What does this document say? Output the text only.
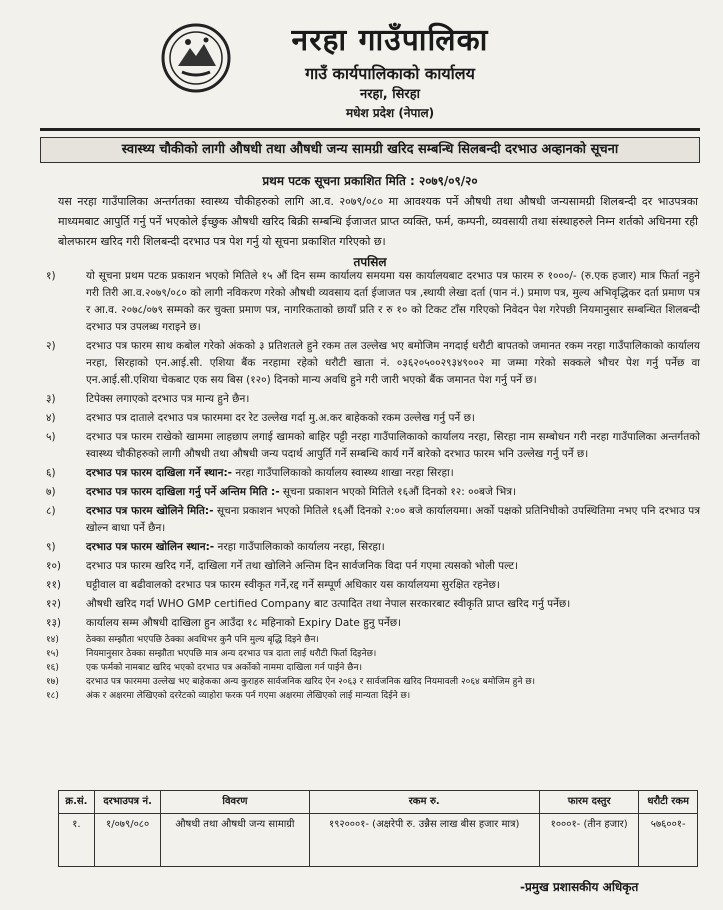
नरहा गाउँपालिका
गाउँ कार्यपालिकाको कार्यालय
नरहा, सिरहा
मधेश प्रदेश (नेपाल)
स्वास्थ्य चौकीको लागी औषधी तथा औषधी जन्य सामग्री खरिद सम्बन्धि सिलबन्दी दरभाउ अव्हानको सूचना
प्रथम पटक सूचना प्रकाशित मिति : २०७९/०९/२०
यस नरहा गाउँपालिका अन्तर्गतका स्वास्थ्य चौकीहरुको लागि आ.व. २०७९/०८० मा आवश्यक पर्ने औषधी तथा औषधी जन्यसामग्री शिलबन्दी दर भाउपत्रका माध्यमबाट आपुर्ति गर्नु पर्ने भएकोले ईच्छुक औषधी खरिद बिक्री सम्बन्धि ईजाजत प्राप्त व्यक्ति, फर्म, कम्पनी, व्यवसायी तथा संस्थाहरुले निम्न शर्तको अधिनमा रही बोलफारम खरिद गरी शिलबन्दी दरभाउ पत्र पेश गर्नु यो सूचना प्रकाशित गरिएको छ।
तपसिल
१)	यो सूचना प्रथम पटक प्रकाशन भएको मितिले १५ औं दिन सम्म कार्यालय समयमा यस कार्यालयबाट दरभाउ पत्र फारम रु १०००/- (रु.एक हजार) मात्र फिर्ता नहुने गरी तिरी आ.व.२०७९/०८० को लागी नविकरण गरेको औषधी व्यवसाय दर्ता ईजाजत पत्र ,स्थायी लेखा दर्ता (पान नं.) प्रमाण पत्र, मुल्य अभिवृद्धिकर दर्ता प्रमाण पत्र र आ.व. २०७८/०७९ सम्मको कर चुक्ता प्रमाण पत्र, नागरिकताको छायाँ प्रति र रु १० को टिकट टाँस गरिएको निवेदन पेश गरेपछी नियमानुसार सम्बन्धित शिलबन्दी दरभाउ पत्र उपलब्ध गराइने छ।
२)	दरभाउ पत्र फारम साथ कबोल गरेको अंकको ३ प्रतिशतले हुने रकम तल उल्लेख भए बमोजिम नगदाई धरौटी बापतको जमानत रकम नरहा गाउँपालिकाको कार्यालय नरहा, सिरहाको एन.आई.सी. एशिया बैंक नरहामा रहेको धरौटी खाता नं. ०३६२०५००२९३४९००२ मा जम्मा गरेको सक्कले भौचर पेश गर्नु पर्नेछ वा एन.आई.सी.एशिया चेकबाट एक सय बिस (१२०) दिनको मान्य अवधि हुने गरी जारी भएको बैंक जमानत पेश गर्नु पर्ने छ।
३)	टिपेक्स लगाएको दरभाउ पत्र मान्य हुने छैन।
४)	दरभाउ पत्र दाताले दरभाउ पत्र फारममा दर रेट उल्लेख गर्दा मु.अ.कर बाहेकको रकम उल्लेख गर्नु पर्ने छ।
५)	दरभाउ पत्र फारम राखेको खाममा लाहछाप लगाई खामको बाहिर पट्टी नरहा गाउँपालिकाको कार्यालय नरहा, सिरहा नाम सम्बोधन गरी नरहा गाउँपालिका अन्तर्गतको स्वास्थ्य चौकीहरुको लागी औषधी तथा औषधी जन्य पदार्थ आपुर्ति गर्ने सम्बन्धि कार्य गर्ने बारेको दरभाउ फारम भनि उल्लेख गर्नु पर्ने छ।
६)	दरभाउ पत्र फारम दाखिला गर्ने स्थान:- नरहा गाउँपालिकाको कार्यालय स्वास्थ्य शाखा नरहा सिरहा।
७)	दरभाउ पत्र फारम दाखिला गर्नु पर्ने अन्तिम मिति :- सूचना प्रकाशन भएको मितिले १६औं दिनको १२: ००बजे भित्र।
८)	दरभाउ पत्र फारम खोलिने मिति:- सूचना प्रकाशन भएको मितिले १६औं दिनको २:०० बजे कार्यालयमा। अर्को पक्षको प्रतिनिधीको उपस्थितिमा नभए पनि दरभाउ पत्र खोल्न बाधा पर्ने छैन।
९)	दरभाउ पत्र फारम खोलिन स्थान:- नरहा गाउँपालिकाको कार्यालय नरहा, सिरहा।
१०)	दरभाउ पत्र फारम खरिद गर्ने, दाखिला गर्ने तथा खोलिने अन्तिम दिन सार्वजनिक विदा पर्न गएमा त्यसको भोली पल्ट।
११)	घट्टीवाल वा बढीवालको दरभाउ पत्र फारम स्वीकृत गर्ने,रद्द गर्ने सम्पूर्ण अधिकार यस कार्यालयमा सुरक्षित रहनेछ।
१२)	औषधी खरिद गर्दा WHO GMP certified Company बाट उत्पादित तथा नेपाल सरकारबाट स्वीकृति प्राप्त खरिद गर्नु पर्नेछ।
१३)	कार्यालय सम्म औषधी दाखिला हुन आउँदा १८ महिनाको Expiry Date हुनु पर्नेछ।
१४)	ठेक्का सम्झौता भएपछि ठेक्का अवधिभर कुनै पनि मुल्य बृद्धि दिइने छैन।
१५)	नियमानुसार ठेक्का सम्झौता भएपछि मात्र अन्य दरभाउ पत्र दाता लाई धरौटी फिर्ता दिइनेछ।
१६)	एक फर्मको नामबाट खरिद भएको दरभाउ पत्र अर्कोको नाममा दाखिला गर्न पाईने छैन।
१७)	दरभाउ पत्र फारममा उल्लेख भए बाहेकका अन्य कुराहरु सार्वजनिक खरिद ऐन २०६३ र सार्वजनिक खरिद नियमावली २०६४ बमोजिम हुने छ।
१८)	अंक र अक्षरमा लेखिएको दररेटको व्याहोरा फरक पर्न गएमा अक्षरमा लेखिएको लाई मान्यता दिईने छ।
क्र.सं.	दरभाउपत्र नं.	विवरण	रकम रु.	फारम दस्तुर	धरौटी रकम
१.	१/०७९/०८०	औषधी तथा औषधी जन्य सामाग्री	१९२०००१- (अक्षरेपी रु. उन्नैस लाख बीस हजार मात्र)	१०००१- (तीन हजार)	५७६००१-
-प्रमुख प्रशासकीय अधिकृत
